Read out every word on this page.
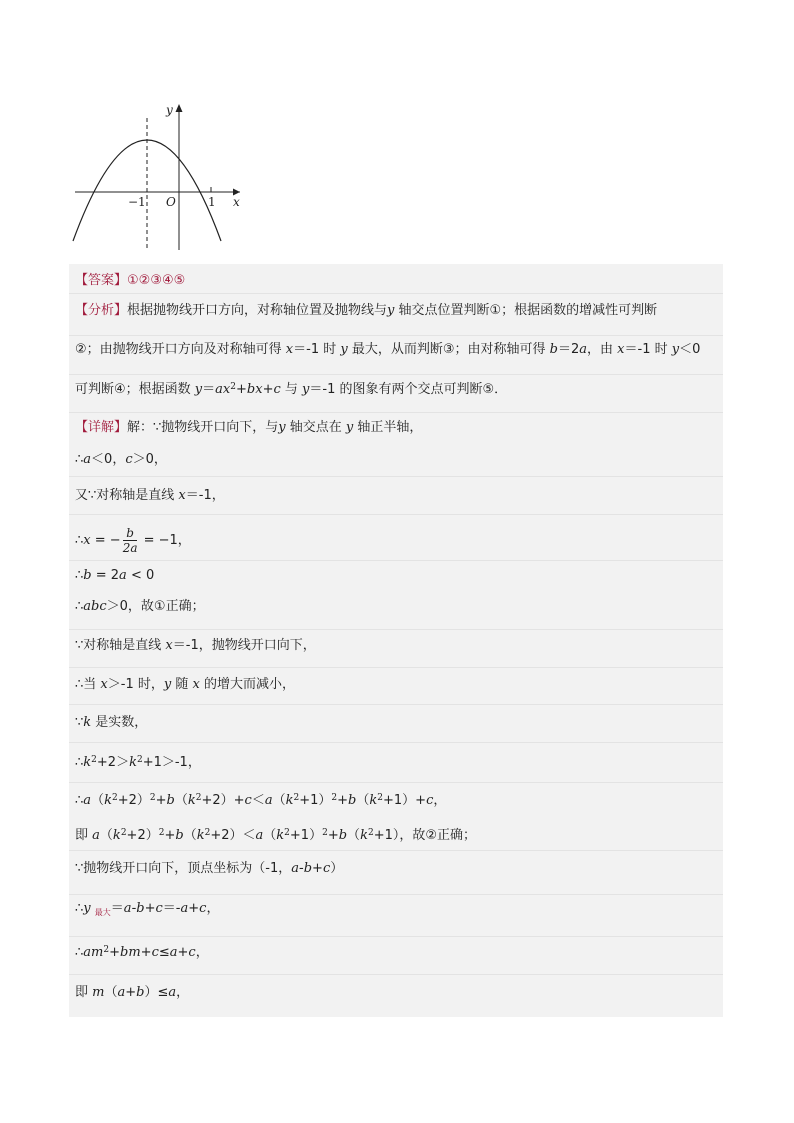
y
x
O
−1	1
【答案】①②③④⑤
【分析】根据抛物线开口方向，对称轴位置及抛物线与y 轴交点位置判断①；根据函数的增减性可判断
②；由抛物线开口方向及对称轴可得 x＝-1 时 y 最大，从而判断③；由对称轴可得 b＝2a，由 x＝-1 时 y＜0
可判断④；根据函数 $y=ax^2+bx+c$ 与 y＝-1 的图象有两个交点可判断⑤．
【详解】解：∵抛物线开口向下，与y 轴交点在 y 轴正半轴，
∴a＜0，c＞0，
又∵对称轴是直线 x＝-1，
∴x = − $\frac{b}{2a} = -1$，
∴b = 2a < 0
∴abc＞0，故①正确；
∵对称轴是直线 x＝-1，抛物线开口向下，
∴当 x＞-1 时，y 随 x 的增大而减小，
∵k 是实数，
$\therefore k^2+2>k^2+1>-1$，
$\therefore a(k^2+2)^2+b(k^2+2)+c<a(k^2+1)^2+b(k^2+1)+c$，
即 $a(k^2+2)^2+b(k^2+2)<a(k^2+1)^2+b(k^2+1)$，故②正确；
∵抛物线开口向下，顶点坐标为（-1，a-b+c）
∴y $_{最大}$＝a-b+c＝-a+c，
$\therefore am^2+bm+c\le a+c$，
即 m（a+b）≤a，
